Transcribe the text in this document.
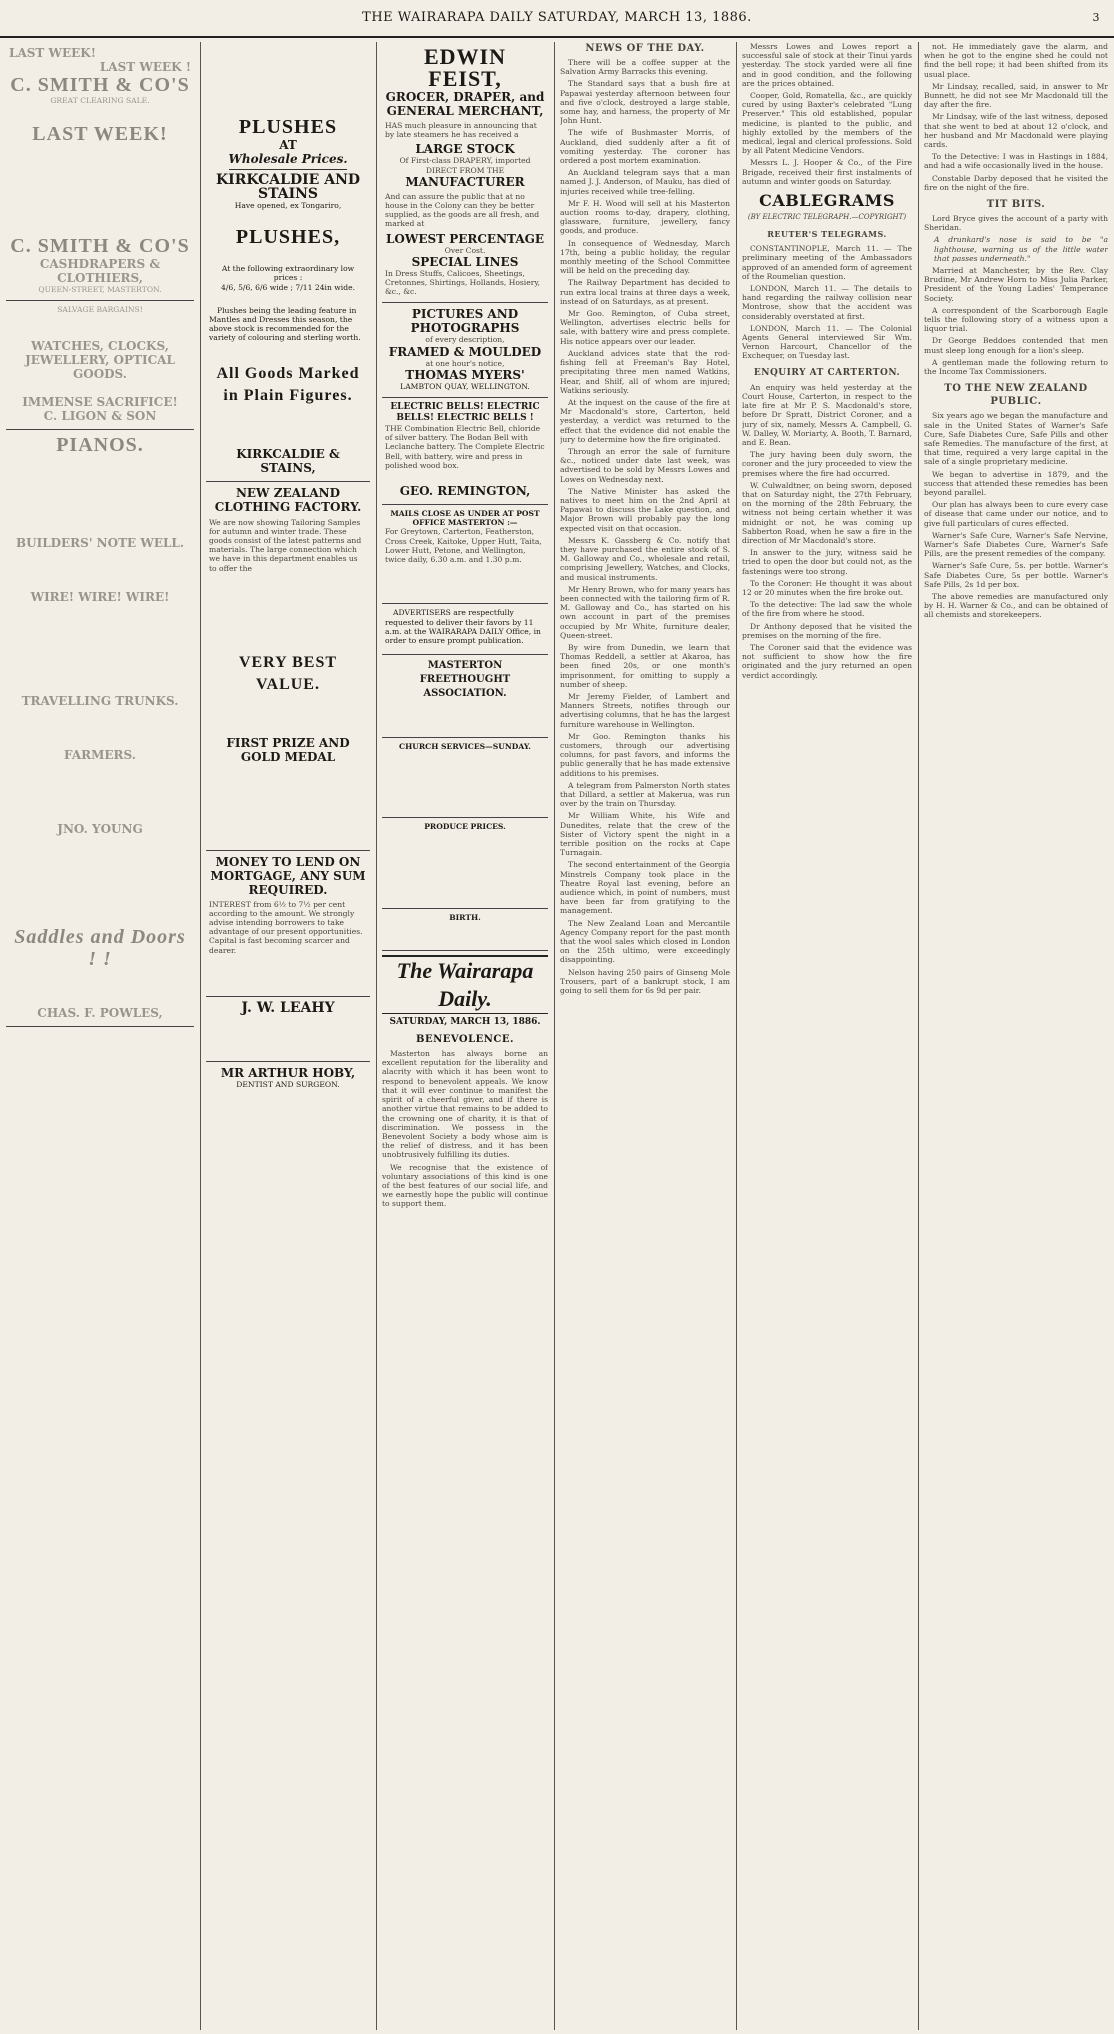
THE WAIRARAPA DAILY SATURDAY, MARCH 13, 1886.	3
LAST WEEK!
LAST WEEK !
C. SMITH & CO'S
GREAT CLEARING SALE.
LAST WEEK!
C. SMITH & CO'S
CASHDRAPERS & CLOTHIERS,
QUEEN-STREET, MASTERTON.
SALVAGE BARGAINS!
WATCHES, CLOCKS, JEWELLERY, OPTICAL GOODS.
IMMENSE SACRIFICE!
C. LIGON & SON
PIANOS.
BUILDERS' NOTE WELL.
WIRE! WIRE! WIRE!
TRAVELLING TRUNKS.
FARMERS.
JNO. YOUNG
Saddles and Doors ! !
CHAS. F. POWLES,
PLUSHES
AT
Wholesale Prices.
KIRKCALDIE AND STAINS
Have opened, ex Tongariro,
PLUSHES,
At the following extraordinary low prices :
4/6, 5/6, 6/6 wide ; 7/11 24in wide.

Plushes being the leading feature in Mantles and Dresses this season, the above stock is recommended for the variety of colouring and sterling worth.

All Goods Marked in Plain Figures.
KIRKCALDIE & STAINS,
NEW ZEALAND CLOTHING FACTORY.
We are now showing Tailoring Samples for autumn and winter trade. These goods consist of the latest patterns and materials. The large connection which we have in this department enables us to offer the
VERY BEST VALUE.
FIRST PRIZE AND GOLD MEDAL
MONEY TO LEND ON MORTGAGE, ANY SUM REQUIRED.
INTEREST from 6½ to 7½ per cent according to the amount. We strongly advise intending borrowers to take advantage of our present opportunities. Capital is fast becoming scarcer and dearer.
J. W. LEAHY
MR ARTHUR HOBY,
DENTIST AND SURGEON.
EDWIN FEIST,
GROCER, DRAPER, and GENERAL MERCHANT,
HAS much pleasure in announcing that by late steamers he has received a
LARGE STOCK
Of First-class DRAPERY, imported DIRECT FROM THE
MANUFACTURER
And can assure the public that at no house in the Colony can they be better supplied, as the goods are all fresh, and marked at
LOWEST PERCENTAGE
Over Cost.
SPECIAL LINES
In Dress Stuffs, Calicoes, Sheetings, Cretonnes, Shirtings, Hollands, Hosiery, &c., &c.
PICTURES AND PHOTOGRAPHS
of every description,
FRAMED & MOULDED
at one hour's notice,
THOMAS MYERS'
LAMBTON QUAY, WELLINGTON.
ELECTRIC BELLS! ELECTRIC BELLS! ELECTRIC BELLS !
THE Combination Electric Bell, chloride of silver battery. The Bodan Bell with Leclanche battery. The Complete Electric Bell, with battery, wire and press in polished wood box.
GEO. REMINGTON,
MAILS CLOSE AS UNDER AT POST OFFICE MASTERTON :—
For Greytown, Carterton, Featherston, Cross Creek, Kaitoke, Upper Hutt, Taita, Lower Hutt, Petone, and Wellington, twice daily, 6.30 a.m. and 1.30 p.m.

ADVERTISERS are respectfully requested to deliver their favors by 11 a.m. at the WAIRARAPA DAILY Office, in order to ensure prompt publication.

MASTERTON FREETHOUGHT ASSOCIATION.
CHURCH SERVICES—SUNDAY.
PRODUCE PRICES.
BIRTH.
The Wairarapa Daily.
SATURDAY, MARCH 13, 1886.
BENEVOLENCE.

Masterton has always borne an excellent reputation for the liberality and alacrity with which it has been wont to respond to benevolent appeals. We know that it will ever continue to manifest the spirit of a cheerful giver, and if there is another virtue that remains to be added to the crowning one of charity, it is that of discrimination. We possess in the Benevolent Society a body whose aim is the relief of distress, and it has been unobtrusively fulfilling its duties.

We recognise that the existence of voluntary associations of this kind is one of the best features of our social life, and we earnestly hope the public will continue to support them.

NEWS OF THE DAY.

There will be a coffee supper at the Salvation Army Barracks this evening.

The Standard says that a bush fire at Papawai yesterday afternoon between four and five o'clock, destroyed a large stable, some hay, and harness, the property of Mr John Hunt.

The wife of Bushmaster Morris, of Auckland, died suddenly after a fit of vomiting yesterday. The coroner has ordered a post mortem examination.

An Auckland telegram says that a man named J. J. Anderson, of Mauku, has died of injuries received while tree-felling.

Mr F. H. Wood will sell at his Masterton auction rooms to-day, drapery, clothing, glassware, furniture, jewellery, fancy goods, and produce.

In consequence of Wednesday, March 17th, being a public holiday, the regular monthly meeting of the School Committee will be held on the preceding day.

The Railway Department has decided to run extra local trains at three days a week, instead of on Saturdays, as at present.

Mr Goo. Remington, of Cuba street, Wellington, advertises electric bells for sale, with battery wire and press complete. His notice appears over our leader.

Auckland advices state that the rod-fishing fell at Freeman's Bay Hotel, precipitating three men named Watkins, Hear, and Shilf, all of whom are injured; Watkins seriously.

At the inquest on the cause of the fire at Mr Macdonald's store, Carterton, held yesterday, a verdict was returned to the effect that the evidence did not enable the jury to determine how the fire originated.

Through an error the sale of furniture &c., noticed under date last week, was advertised to be sold by Messrs Lowes and Lowes on Wednesday next.

The Native Minister has asked the natives to meet him on the 2nd April at Papawai to discuss the Lake question, and Major Brown will probably pay the long expected visit on that occasion.

Messrs K. Gassberg & Co. notify that they have purchased the entire stock of S. M. Galloway and Co., wholesale and retail, comprising Jewellery, Watches, and Clocks, and musical instruments.

Mr Henry Brown, who for many years has been connected with the tailoring firm of R. M. Galloway and Co., has started on his own account in part of the premises occupied by Mr White, furniture dealer, Queen-street.

By wire from Dunedin, we learn that Thomas Reddell, a settler at Akaroa, has been fined 20s, or one month's imprisonment, for omitting to supply a number of sheep.

Mr Jeremy Fielder, of Lambert and Manners Streets, notifies through our advertising columns, that he has the largest furniture warehouse in Wellington.

Mr Goo. Remington thanks his customers, through our advertising columns, for past favors, and informs the public generally that he has made extensive additions to his premises.

A telegram from Palmerston North states that Dillard, a settler at Makerua, was run over by the train on Thursday.

Mr William White, his Wife and Dunedites, relate that the crew of the Sister of Victory spent the night in a terrible position on the rocks at Cape Turnagain.

The second entertainment of the Georgia Minstrels Company took place in the Theatre Royal last evening, before an audience which, in point of numbers, must have been far from gratifying to the management.

The New Zealand Loan and Mercantile Agency Company report for the past month that the wool sales which closed in London on the 25th ultimo, were exceedingly disappointing.

Nelson having 250 pairs of Ginseng Mole Trousers, part of a bankrupt stock, I am going to sell them for 6s 9d per pair.

Messrs Lowes and Lowes report a successful sale of stock at their Tinui yards yesterday. The stock yarded were all fine and in good condition, and the following are the prices obtained.

Cooper, Gold, Romatella, &c., are quickly cured by using Baxter's celebrated "Lung Preserver." This old established, popular medicine, is planted to the public, and highly extolled by the members of the medical, legal and clerical professions. Sold by all Patent Medicine Vendors.

Messrs L. J. Hooper & Co., of the Fire Brigade, received their first instalments of autumn and winter goods on Saturday.

CABLEGRAMS
(BY ELECTRIC TELEGRAPH.—COPYRIGHT)
REUTER'S TELEGRAMS.

CONSTANTINOPLE, March 11. — The preliminary meeting of the Ambassadors approved of an amended form of agreement of the Roumelian question.

LONDON, March 11. — The details to hand regarding the railway collision near Montrose, show that the accident was considerably overstated at first.

LONDON, March 11. — The Colonial Agents General interviewed Sir Wm. Vernon Harcourt, Chancellor of the Exchequer, on Tuesday last.

ENQUIRY AT CARTERTON.

An enquiry was held yesterday at the Court House, Carterton, in respect to the late fire at Mr P. S. Macdonald's store, before Dr Spratt, District Coroner, and a jury of six, namely, Messrs A. Campbell, G. W. Dalley, W. Moriarty, A. Booth, T. Barnard, and E. Bean.

The jury having been duly sworn, the coroner and the jury proceeded to view the premises where the fire had occurred.

W. Culwaldtner, on being sworn, deposed that on Saturday night, the 27th February, on the morning of the 28th February, the witness not being certain whether it was midnight or not, he was coming up Sabberton Road, when he saw a fire in the direction of Mr Macdonald's store.

In answer to the jury, witness said he tried to open the door but could not, as the fastenings were too strong.

To the Coroner: He thought it was about 12 or 20 minutes when the fire broke out.

To the detective: The lad saw the whole of the fire from where he stood.

Dr Anthony deposed that he visited the premises on the morning of the fire.

The Coroner said that the evidence was not sufficient to show how the fire originated and the jury returned an open verdict accordingly.

not. He immediately gave the alarm, and when he got to the engine shed he could not find the bell rope; it had been shifted from its usual place.

Mr Lindsay, recalled, said, in answer to Mr Bunnett, he did not see Mr Macdonald till the day after the fire.

Mr Lindsay, wife of the last witness, deposed that she went to bed at about 12 o'clock, and her husband and Mr Macdonald were playing cards.

To the Detective: I was in Hastings in 1884, and had a wife occasionally lived in the house.

Constable Darby deposed that he visited the fire on the night of the fire.

TIT BITS.

Lord Bryce gives the account of a party with Sheridan.

A drunkard's nose is said to be "a lighthouse, warning us of the little water that passes underneath."

Married at Manchester, by the Rev. Clay Brudine, Mr Andrew Horn to Miss Julia Parker, President of the Young Ladies' Temperance Society.

A correspondent of the Scarborough Eagle tells the following story of a witness upon a liquor trial.

Dr George Beddoes contended that men must sleep long enough for a lion's sleep.

A gentleman made the following return to the Income Tax Commissioners.

TO THE NEW ZEALAND PUBLIC.

Six years ago we began the manufacture and sale in the United States of Warner's Safe Cure, Safe Diabetes Cure, Safe Pills and other safe Remedies. The manufacture of the first, at that time, required a very large capital in the sale of a single proprietary medicine.

We began to advertise in 1879, and the success that attended these remedies has been beyond parallel.

Our plan has always been to cure every case of disease that came under our notice, and to give full particulars of cures effected.

Warner's Safe Cure, Warner's Safe Nervine, Warner's Safe Diabetes Cure, Warner's Safe Pills, are the present remedies of the company.

Warner's Safe Cure, 5s. per bottle. Warner's Safe Diabetes Cure, 5s per bottle. Warner's Safe Pills, 2s 1d per box.

The above remedies are manufactured only by H. H. Warner & Co., and can be obtained of all chemists and storekeepers.
